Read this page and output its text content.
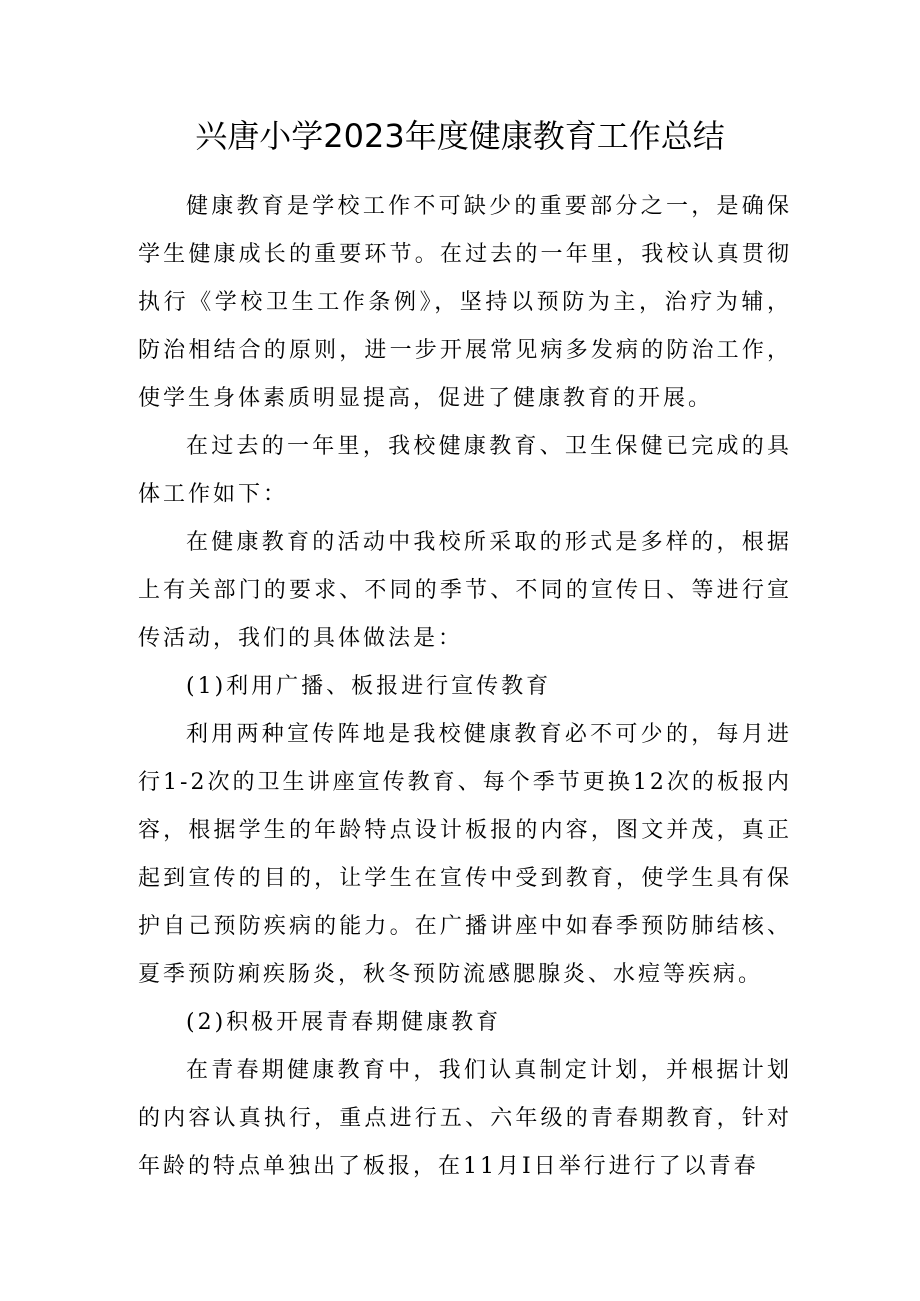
兴唐小学2023年度健康教育工作总结

健康教育是学校工作不可缺少的重要部分之一，是确保学生健康成长的重要环节。在过去的一年里，我校认真贯彻执行《学校卫生工作条例》，坚持以预防为主，治疗为辅，防治相结合的原则，进一步开展常见病多发病的防治工作，使学生身体素质明显提高，促进了健康教育的开展。

在过去的一年里，我校健康教育、卫生保健已完成的具体工作如下：

在健康教育的活动中我校所采取的形式是多样的，根据上有关部门的要求、不同的季节、不同的宣传日、等进行宣传活动，我们的具体做法是：

(1)利用广播、板报进行宣传教育

利用两种宣传阵地是我校健康教育必不可少的，每月进行1-2次的卫生讲座宣传教育、每个季节更换12次的板报内容，根据学生的年龄特点设计板报的内容，图文并茂，真正起到宣传的目的，让学生在宣传中受到教育，使学生具有保护自己预防疾病的能力。在广播讲座中如春季预防肺结核、夏季预防痢疾肠炎，秋冬预防流感腮腺炎、水痘等疾病。

(2)积极开展青春期健康教育

在青春期健康教育中，我们认真制定计划，并根据计划的内容认真执行，重点进行五、六年级的青春期教育，针对年龄的特点单独出了板报，在11月I日举行进行了以青春
